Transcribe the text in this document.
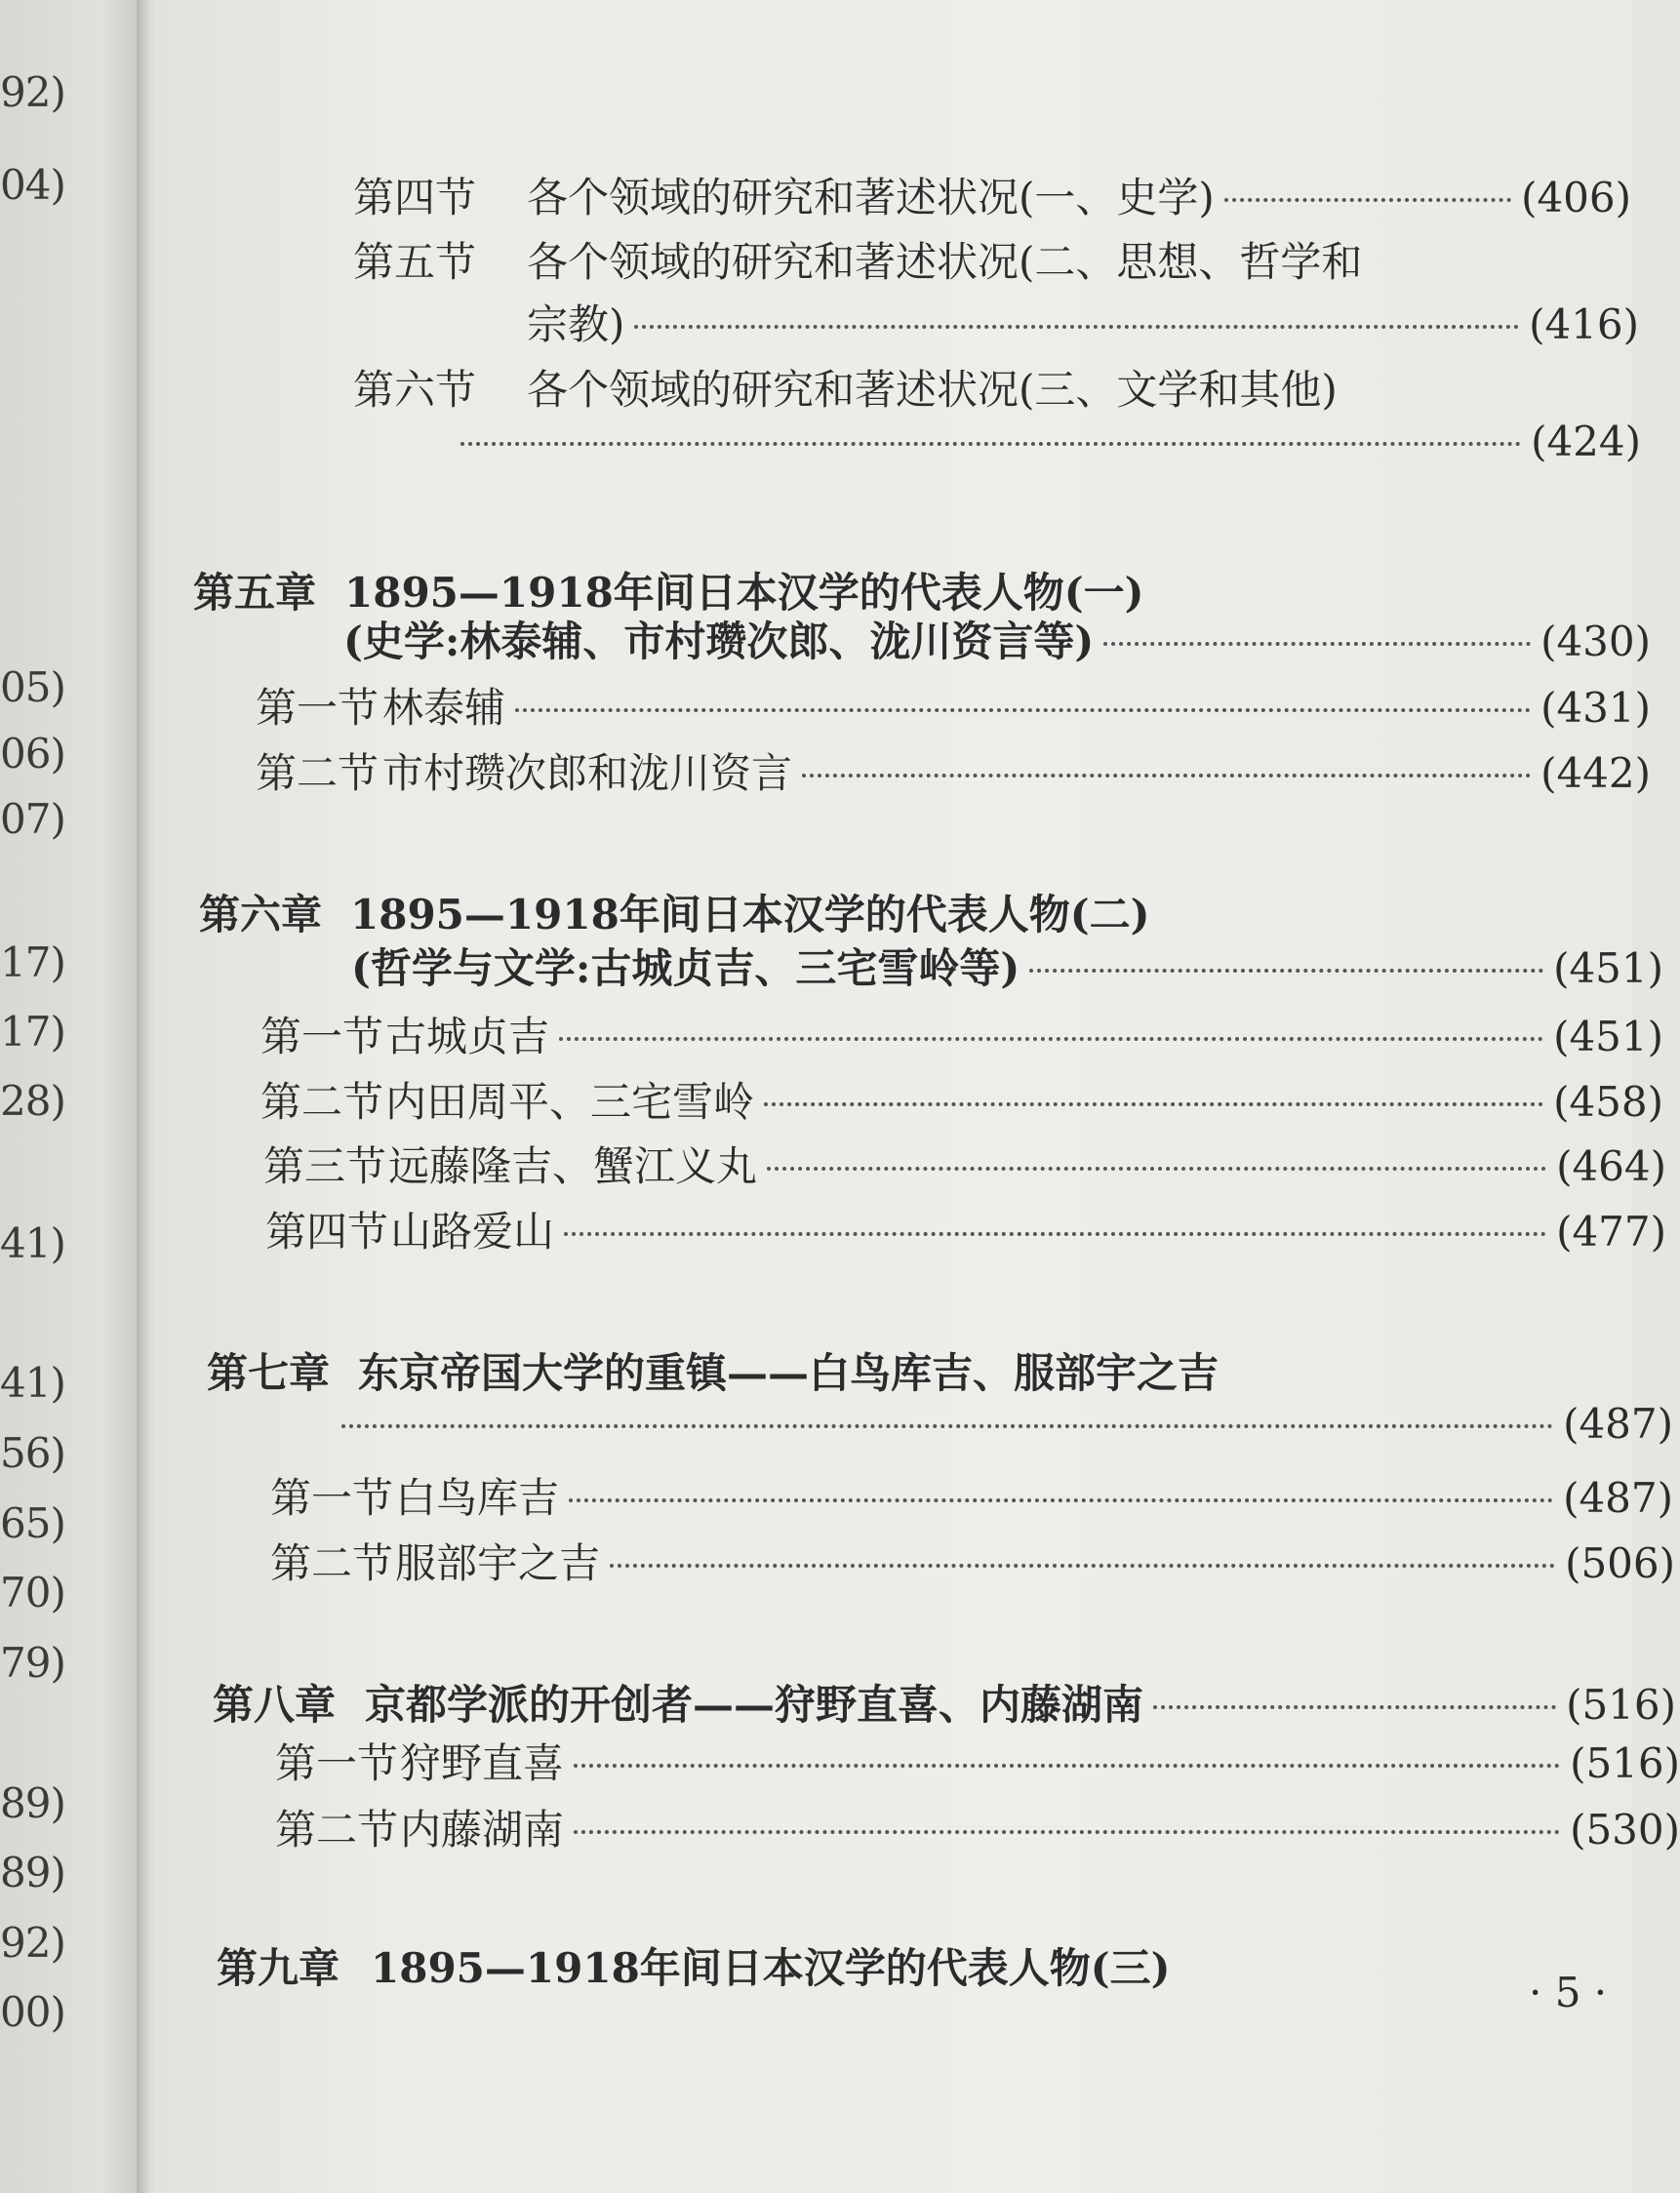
92)
04)
05)
06)
07)
17)
17)
28)
41)
41)
56)
65)
70)
79)
89)
89)
92)
00)
第四节	各个领域的研究和著述状况(一、史学)	(406)
第五节	各个领域的研究和著述状况(二、思想、哲学和
宗教)	(416)
第六节	各个领域的研究和著述状况(三、文学和其他)
(424)
第五章 1895—1918年间日本汉学的代表人物(一)
(史学:林泰辅、市村瓒次郎、泷川资言等)	(430)
第一节 林泰辅	(431)
第二节 市村瓒次郎和泷川资言	(442)
第六章 1895—1918年间日本汉学的代表人物(二)
(哲学与文学:古城贞吉、三宅雪岭等)	(451)
第一节 古城贞吉	(451)
第二节 内田周平、三宅雪岭	(458)
第三节 远藤隆吉、蟹江义丸	(464)
第四节 山路爱山	(477)
第七章 东京帝国大学的重镇——白鸟库吉、服部宇之吉
(487)
第一节 白鸟库吉	(487)
第二节 服部宇之吉	(506)
第八章 京都学派的开创者——狩野直喜、内藤湖南	(516)
第一节 狩野直喜	(516)
第二节 内藤湖南	(530)
第九章 1895—1918年间日本汉学的代表人物(三)
· 5 ·
